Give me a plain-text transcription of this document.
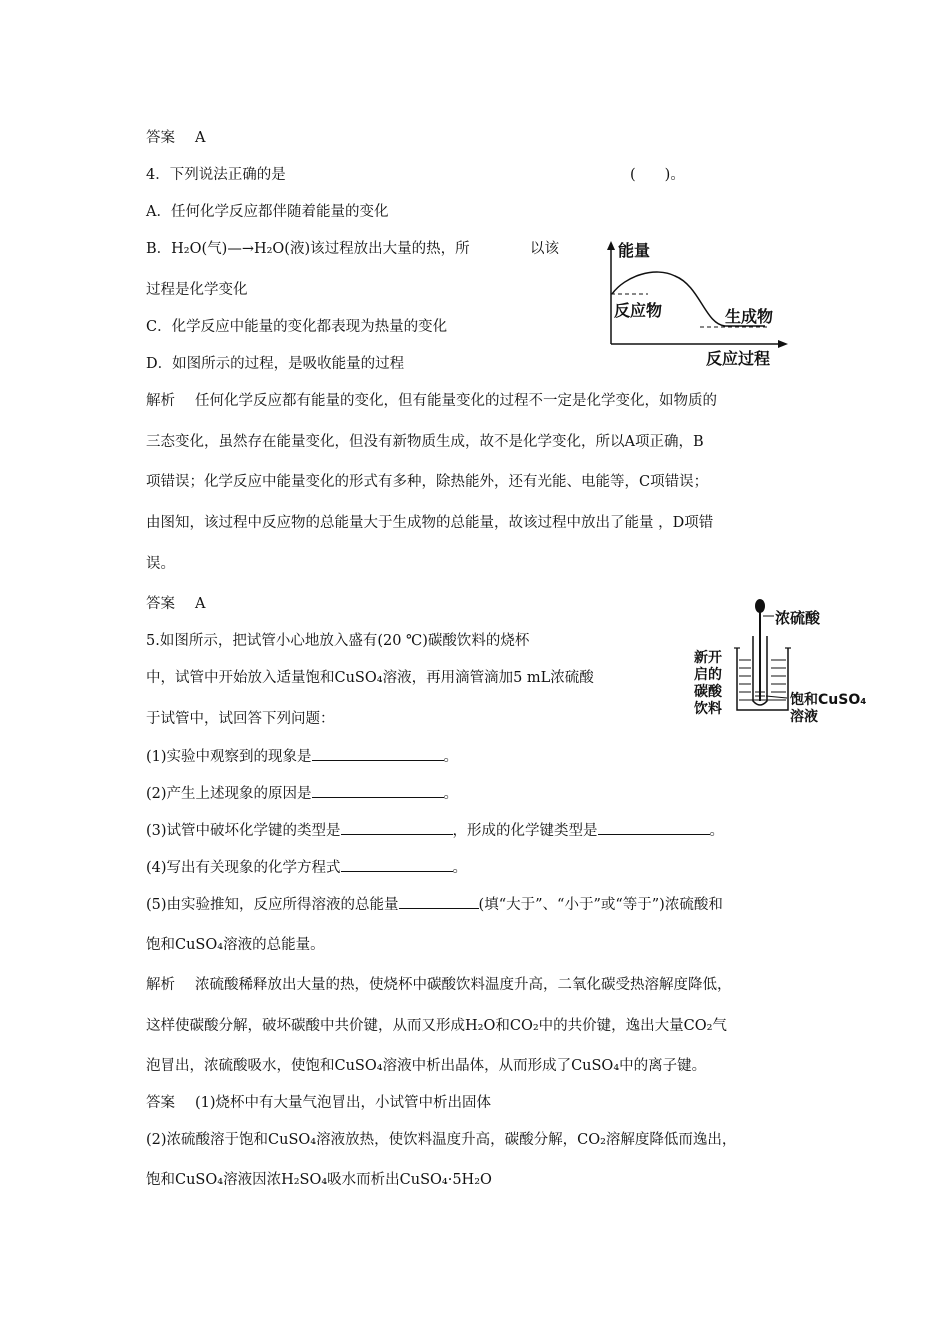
答案 A
4．下列说法正确的是	(　　)。
A．任何化学反应都伴随着能量的变化
B．H₂O(气)—→H₂O(液)该过程放出大量的热，所	以该
过程是化学变化
C．化学反应中能量的变化都表现为热量的变化
D．如图所示的过程，是吸收能量的过程
能量
反应物	生成物
反应过程
解析 任何化学反应都有能量的变化，但有能量变化的过程不一定是化学变化，如物质的
三态变化，虽然存在能量变化，但没有新物质生成，故不是化学变化，所以A项正确，B
项错误；化学反应中能量变化的形式有多种，除热能外，还有光能、电能等，C项错误；
由图知，该过程中反应物的总能量大于生成物的总能量，故该过程中放出了能量 ，D项错
误。
答案 A
5.如图所示，把试管小心地放入盛有(20 ℃)碳酸饮料的烧杯
中，试管中开始放入适量饱和CuSO₄溶液，再用滴管滴加5 mL浓硫酸
于试管中，试回答下列问题：
浓硫酸
新开
启的
碳酸
饮料
饱和CuSO₄
溶液
(1)实验中观察到的现象是	。
(2)产生上述现象的原因是	。
(3)试管中破坏化学键的类型是	，形成的化学键类型是	。
(4)写出有关现象的化学方程式	。
(5)由实验推知，反应所得溶液的总能量	(填“大于”、“小于”或“等于”)浓硫酸和
饱和CuSO₄溶液的总能量。
解析 浓硫酸稀释放出大量的热，使烧杯中碳酸饮料温度升高，二氧化碳受热溶解度降低，
这样使碳酸分解，破坏碳酸中共价键，从而又形成H₂O和CO₂中的共价键，逸出大量CO₂气
泡冒出，浓硫酸吸水，使饱和CuSO₄溶液中析出晶体，从而形成了CuSO₄中的离子键。
答案 (1)烧杯中有大量气泡冒出，小试管中析出固体
(2)浓硫酸溶于饱和CuSO₄溶液放热，使饮料温度升高，碳酸分解，CO₂溶解度降低而逸出，
饱和CuSO₄溶液因浓H₂SO₄吸水而析出CuSO₄·5H₂O
